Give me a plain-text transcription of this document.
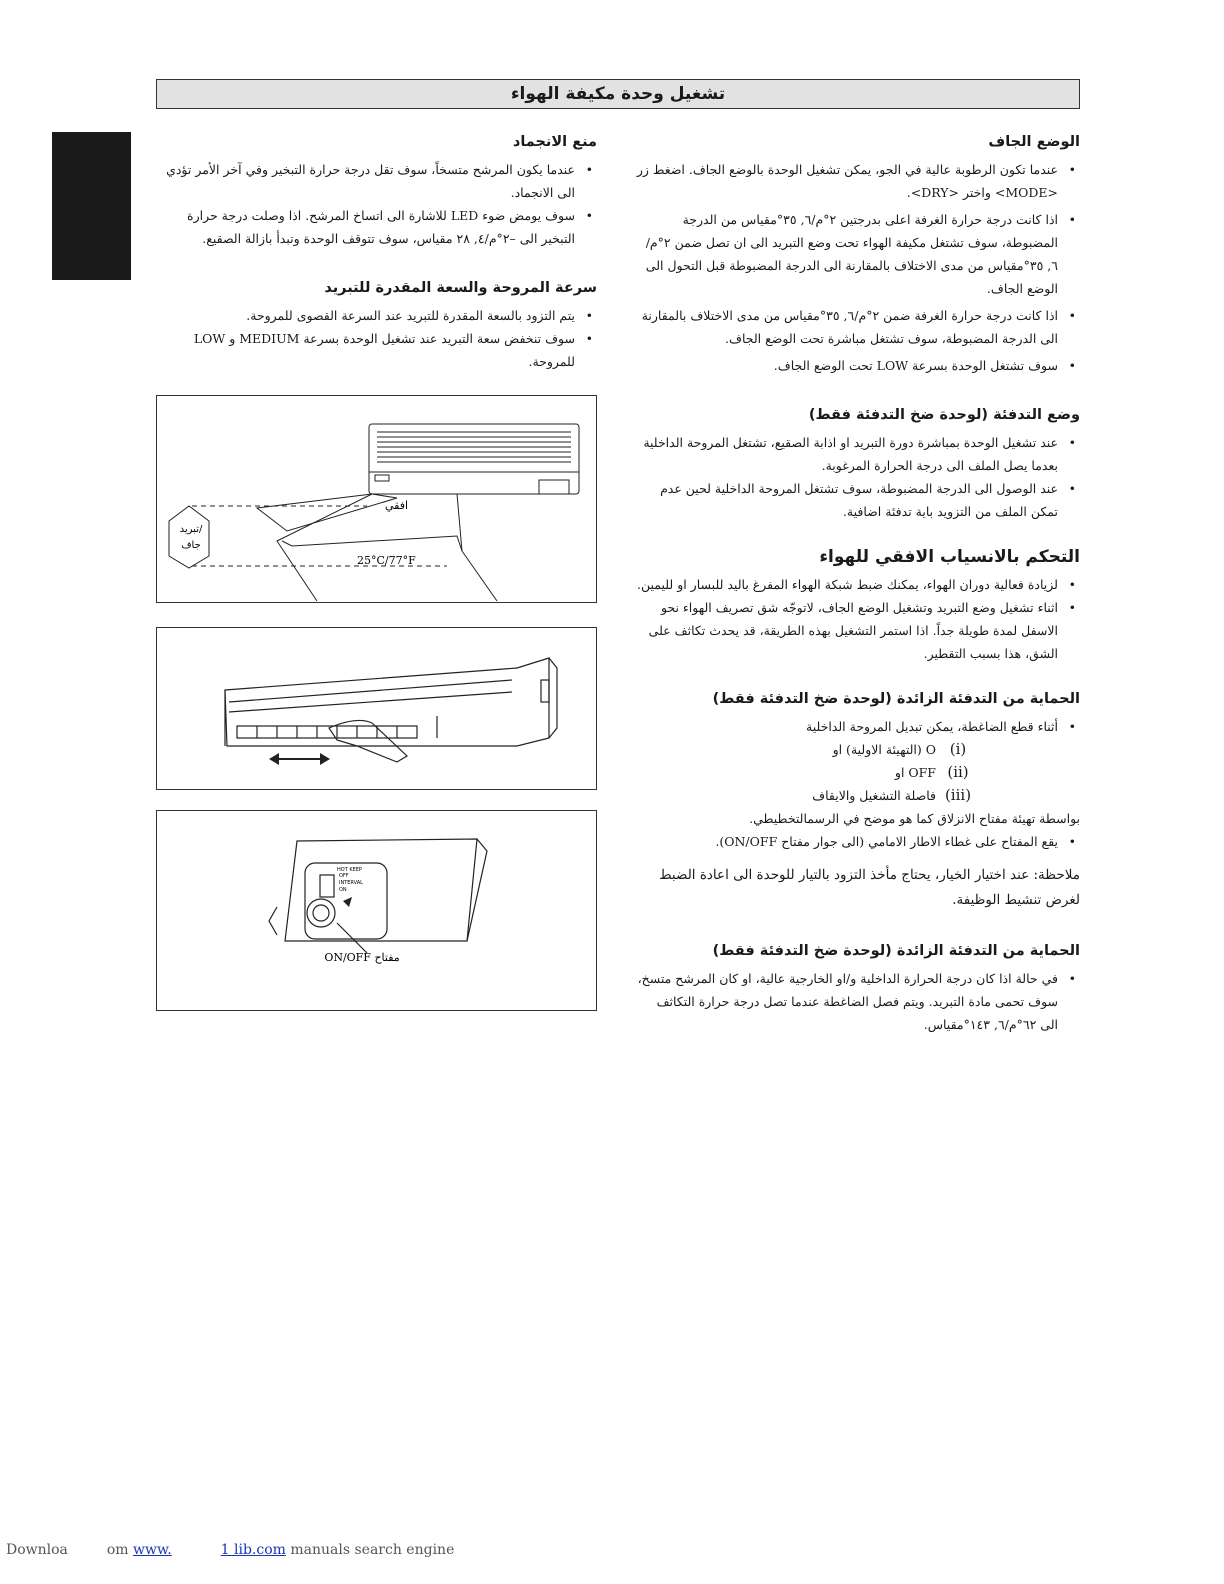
تشغيل وحدة مكيفة الهواء
الوضع الجاف
• عندما تكون الرطوبة عالية في الجو، يمكن تشغيل الوحدة بالوضع الجاف. اضغط زر <MODE> واختر <DRY>.
• اذا كانت درجة حرارة الغرفة اعلى بدرجتين ٢°م/٦, ٣٥°مقياس من الدرجة المضبوطة، سوف تشتغل مكيفة الهواء تحت وضع التبريد الى ان تصل ضمن ٢°م/٦, ٣٥°مقياس من مدى الاختلاف بالمقارنة الى الدرجة المضبوطة قبل التحول الى الوضع الجاف.
• اذا كانت درجة حرارة الغرفة ضمن ٢°م/٦, ٣٥°مقياس من مدى الاختلاف بالمقارنة الى الدرجة المضبوطة، سوف تشتغل مباشرة تحت الوضع الجاف.
• سوف تشتغل الوحدة بسرعة LOW تحت الوضع الجاف.
وضع التدفئة (لوحدة ضخ التدفئة فقط)
• عند تشغيل الوحدة بمباشرة دورة التبريد او اذابة الصقيع، تشتغل المروحة الداخلية بعدما يصل الملف الى درجة الحرارة المرغوبة.
• عند الوصول الى الدرجة المضبوطة، سوف تشتغل المروحة الداخلية لحين عدم تمكن الملف من التزويد باية تدفئة اضافية.
التحكم بالانسياب الافقي للهواء
• لزيادة فعالية دوران الهواء، يمكنك ضبط شبكة الهواء المفرغ باليد للبسار او لليمين.
• اثناء تشغيل وضع التبريد وتشغيل الوضع الجاف، لاتوجّه شق تصريف الهواء نحو الاسفل لمدة طويلة جداً. اذا استمر التشغيل بهذه الطريقة، قد يحدث تكاثف على الشق، هذا بسبب التقطير.
الحماية من التدفئة الزائدة (لوحدة ضخ التدفئة فقط)
• أثناء قطع الضاغطة، يمكن تبديل المروحة الداخلية
(i)O (التهيئة الاولية) او
(ii)OFF او
(iii)فاصلة التشغيل والايقاف

بواسطة تهيئة مفتاح الانزلاق كما هو موضح في الرسمالتخطيطي.

• يقع المفتاح على غطاء الاطار الامامي (الى جوار مفتاح ON/OFF).

ملاحظة: عند اختيار الخيار، يحتاج مأخذ التزود بالتيار للوحدة الى اعادة الضبط لغرض تنشيط الوظيفة.

الحماية من التدفئة الزائدة (لوحدة ضخ التدفئة فقط)
• في حالة اذا كان درجة الحرارة الداخلية و/او الخارجية عالية، او كان المرشح متسخ، سوف تحمى مادة التبريد. ويتم فصل الضاغطة عندما تصل درجة حرارة التكاثف الى ٦٢°م/٦, ١٤٣°مقياس.
منع الانجماد
• عندما يكون المرشح متسخاً، سوف تقل درجة حرارة التبخير وفي آخر الأمر تؤدي الى الانجماد.
• سوف يومض ضوء LED للاشارة الى اتساخ المرشح. اذا وصلت درجة حرارة التبخير الى –٢°م/٤, ٢٨ مقياس، سوف تتوقف الوحدة وتبدأ بازالة الصقيع.
سرعة المروحة والسعة المقدرة للتبريد
• يتم التزود بالسعة المقدرة للتبريد عند السرعة القصوى للمروحة.
• سوف تنخفض سعة التبريد عند تشغيل الوحدة بسرعة MEDIUM و LOW للمروحة.
افقي
25°C/77°F
تبريد/
جاف
HOT KEEP
OFF
INTERVAL
ON
مفتاح ON/OFF
Downloa	om www.	1 lib.com manuals search engine
